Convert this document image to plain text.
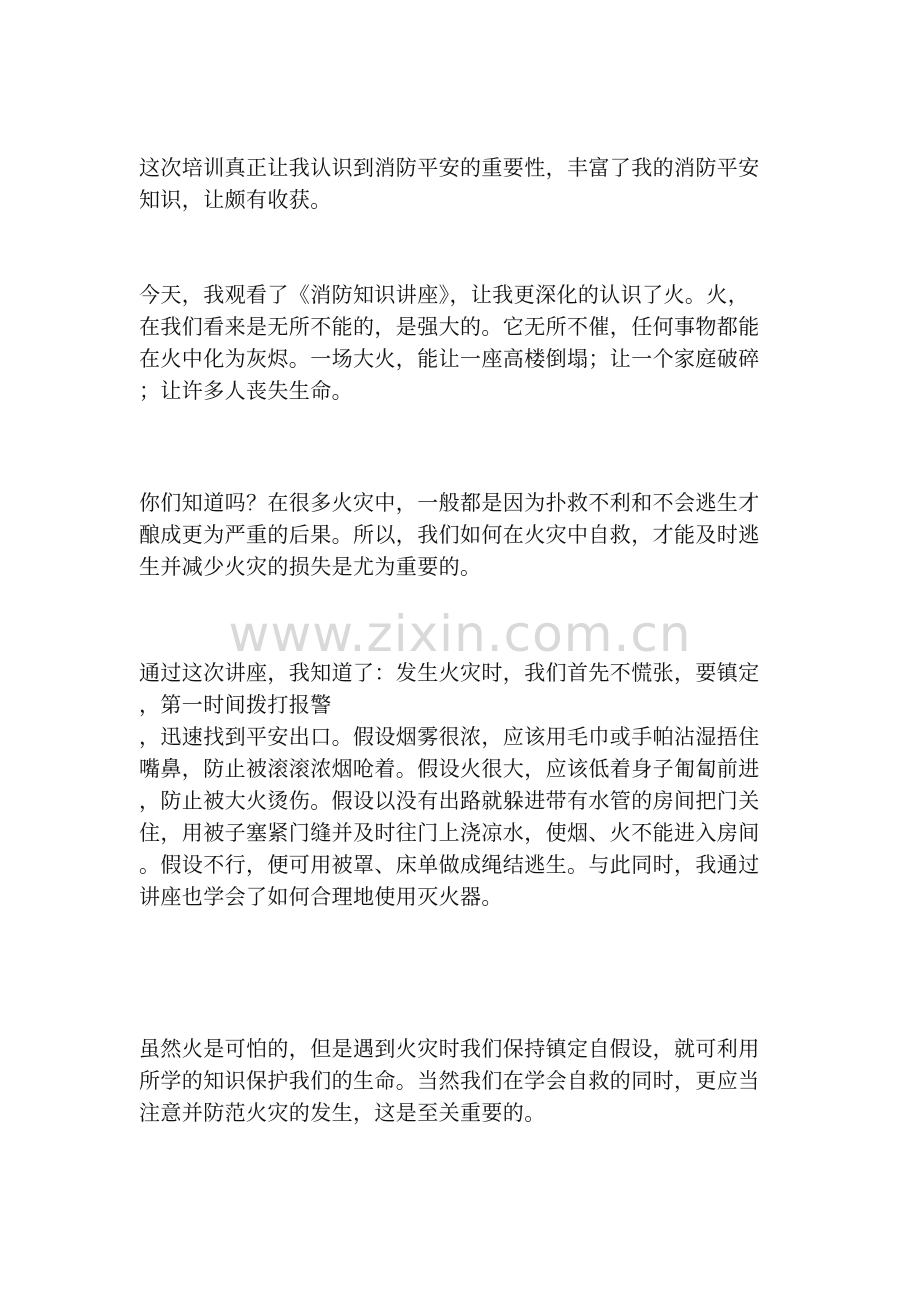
这次培训真正让我认识到消防平安的重要性，丰富了我的消防平安
知识，让颇有收获。
今天，我观看了《消防知识讲座》，让我更深化的认识了火。火，
在我们看来是无所不能的，是强大的。它无所不催，任何事物都能
在火中化为灰烬。一场大火，能让一座高楼倒塌；让一个家庭破碎
；让许多人丧失生命。
你们知道吗？在很多火灾中，一般都是因为扑救不利和不会逃生才
酿成更为严重的后果。所以，我们如何在火灾中自救，才能及时逃
生并减少火灾的损失是尤为重要的。
通过这次讲座，我知道了：发生火灾时，我们首先不慌张，要镇定
，第一时间拨打报警
，迅速找到平安出口。假设烟雾很浓，应该用毛巾或手帕沾湿捂住
嘴鼻，防止被滚滚浓烟呛着。假设火很大，应该低着身子匍匐前进
，防止被大火烫伤。假设以没有出路就躲进带有水管的房间把门关
住，用被子塞紧门缝并及时往门上浇凉水，使烟、火不能进入房间
。假设不行，便可用被罩、床单做成绳结逃生。与此同时，我通过
讲座也学会了如何合理地使用灭火器。
虽然火是可怕的，但是遇到火灾时我们保持镇定自假设，就可利用
所学的知识保护我们的生命。当然我们在学会自救的同时，更应当
注意并防范火灾的发生，这是至关重要的。
www.zixin.com.cn
